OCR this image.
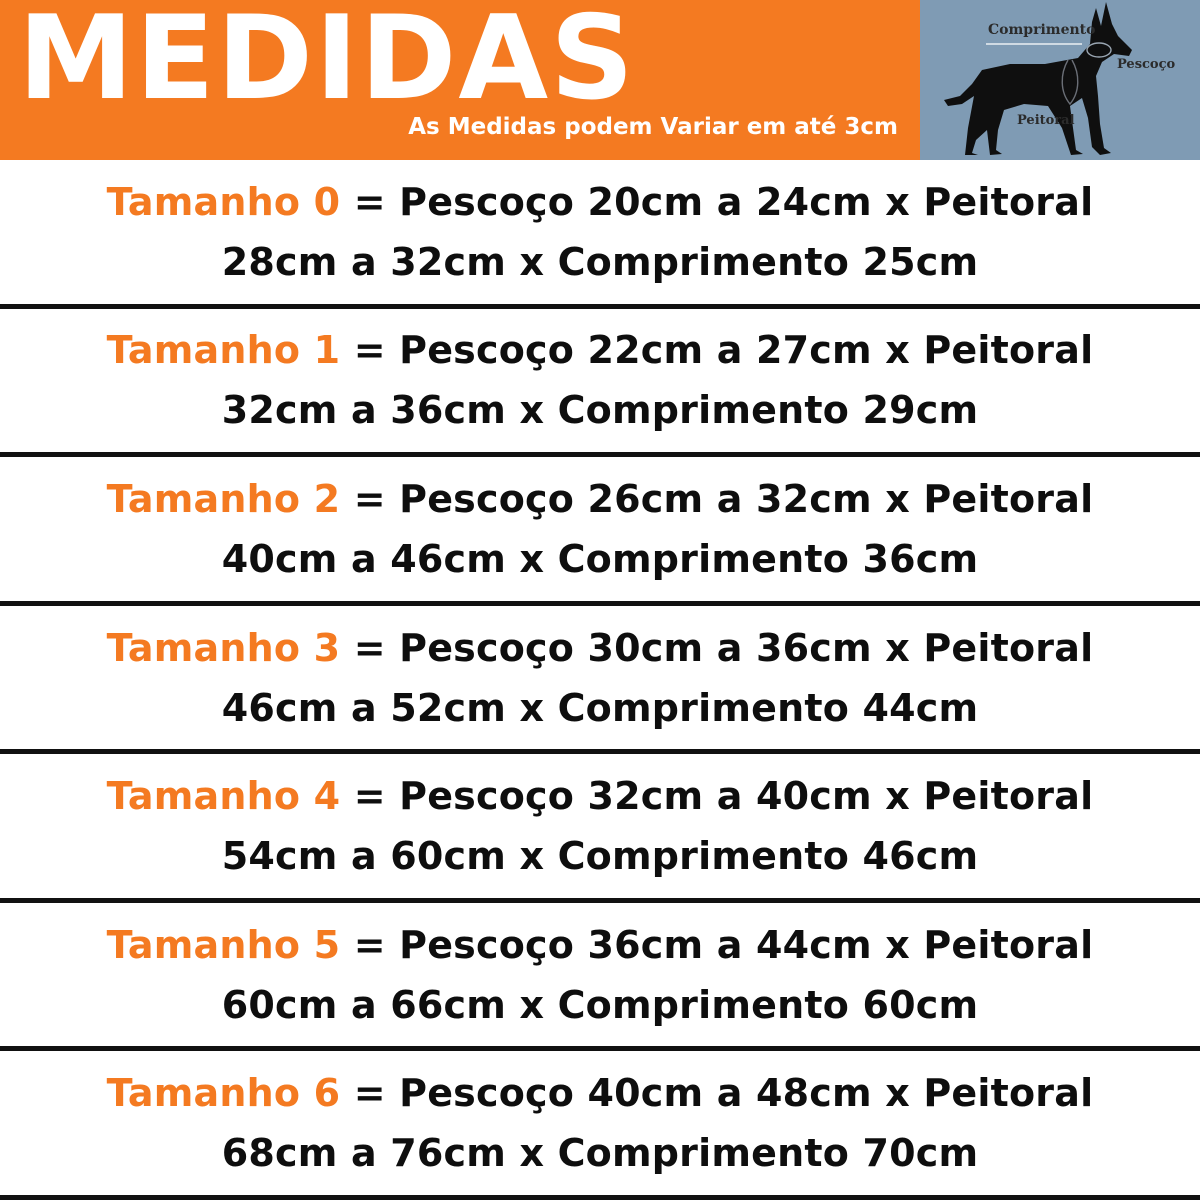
MEDIDAS

As Medidas podem Variar em até 3cm

Comprimento
Pescoço
Peitoral

Tamanho 0 = Pescoço 20cm a 24cm x Peitoral 28cm a 32cm x Comprimento 25cm

Tamanho 1 = Pescoço 22cm a 27cm x Peitoral 32cm a 36cm x Comprimento 29cm

Tamanho 2 = Pescoço 26cm a 32cm x Peitoral 40cm a 46cm x Comprimento 36cm

Tamanho 3 = Pescoço 30cm a 36cm x Peitoral 46cm a 52cm x Comprimento 44cm

Tamanho 4 = Pescoço 32cm a 40cm x Peitoral 54cm a 60cm x Comprimento 46cm

Tamanho 5 = Pescoço 36cm a 44cm x Peitoral 60cm a 66cm x Comprimento 60cm

Tamanho 6 = Pescoço 40cm a 48cm x Peitoral 68cm a 76cm x Comprimento 70cm
